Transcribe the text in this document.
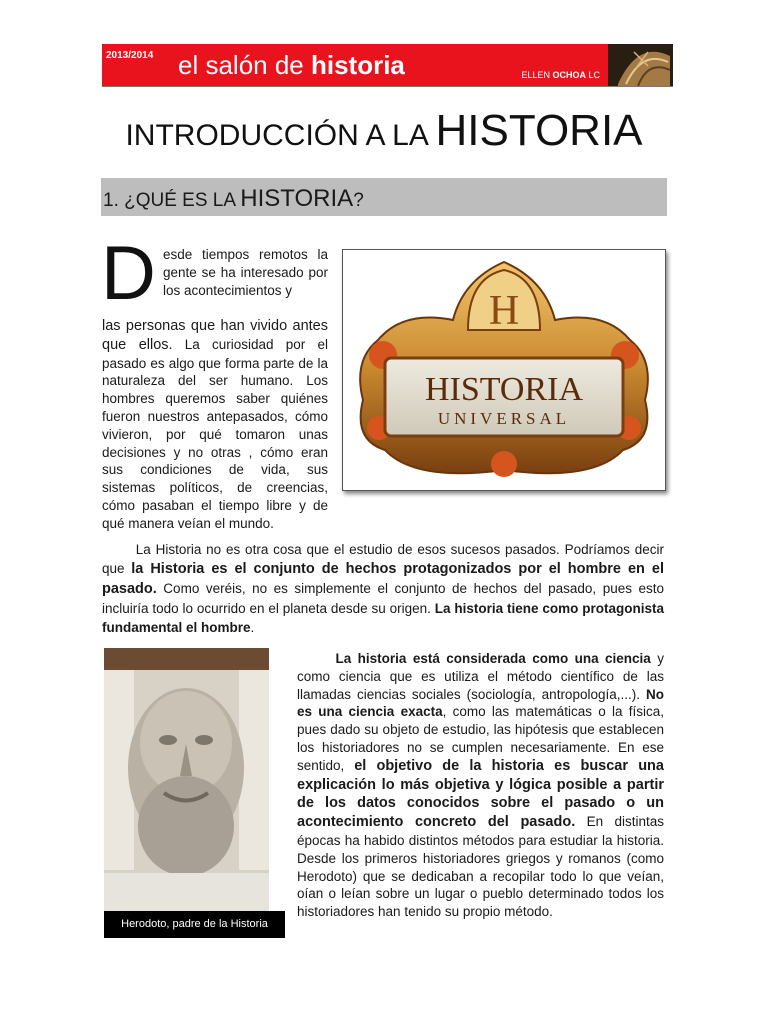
2013/2014 el salón de historia	ELLEN OCHOA LC
INTRODUCCIÓN A LA HISTORIA
1. ¿QUÉ ES LA HISTORIA?
D esde tiempos remotos la gente se ha interesado por los acontecimientos y
las personas que han vivido antes que ellos. La curiosidad por el pasado es algo que forma parte de la naturaleza del ser humano. Los hombres queremos saber quiénes fueron nuestros antepasados, cómo vivieron, por qué tomaron unas decisiones y no otras , cómo eran sus condiciones de vida, sus sistemas políticos, de creencias, cómo pasaban el tiempo libre y de qué manera veían el mundo.
H
HISTORIA
UNIVERSAL
La Historia no es otra cosa que el estudio de esos sucesos pasados. Podríamos decir que la Historia es el conjunto de hechos protagonizados por el hombre en el pasado. Como veréis, no es simplemente el conjunto de hechos del pasado, pues esto incluiría todo lo ocurrido en el planeta desde su origen. La historia tiene como protagonista fundamental el hombre.
Herodoto, padre de la Historia
La historia está considerada como una ciencia y como ciencia que es utiliza el método científico de las llamadas ciencias sociales (sociología, antropología,...). No es una ciencia exacta, como las matemáticas o la física, pues dado su objeto de estudio, las hipótesis que establecen los historiadores no se cumplen necesariamente. En ese sentido, el objetivo de la historia es buscar una explicación lo más objetiva y lógica posible a partir de los datos conocidos sobre el pasado o un acontecimiento concreto del pasado. En distintas épocas ha habido distintos métodos para estudiar la historia. Desde los primeros historiadores griegos y romanos (como Herodoto) que se dedicaban a recopilar todo lo que veían, oían o leían sobre un lugar o pueblo determinado todos los historiadores han tenido su propio método.
